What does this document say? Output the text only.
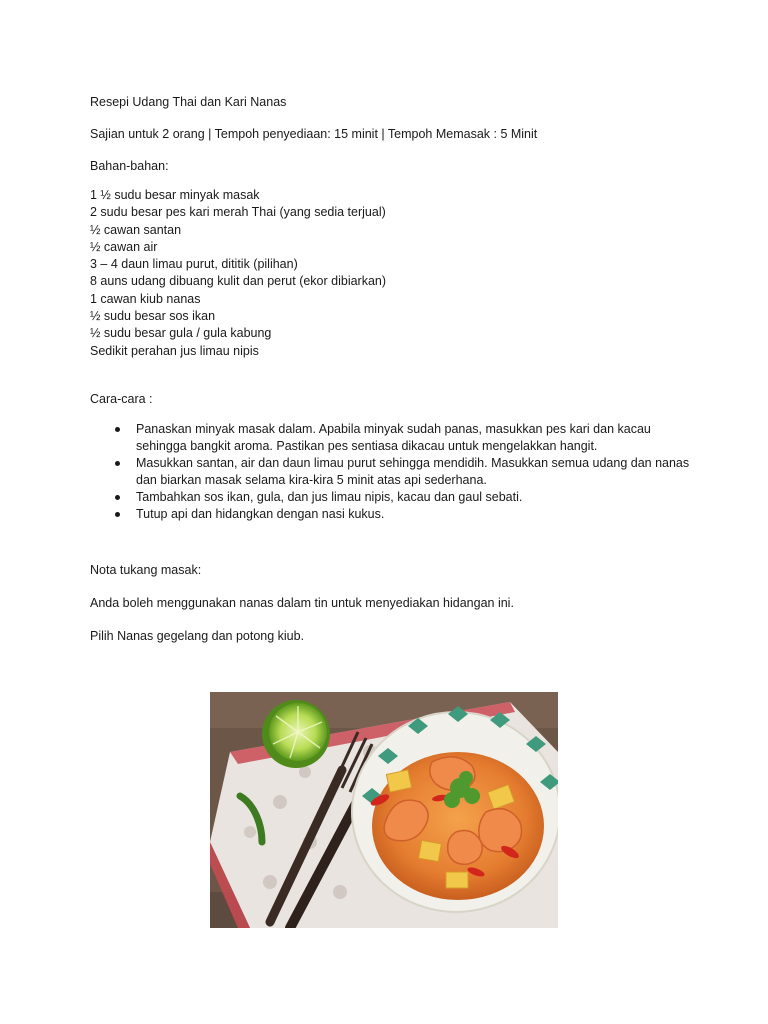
Resepi Udang Thai dan Kari Nanas
Sajian untuk 2 orang | Tempoh penyediaan: 15 minit | Tempoh Memasak : 5 Minit
Bahan-bahan:
1 ½ sudu besar minyak masak
2 sudu besar pes kari merah Thai (yang sedia terjual)
½ cawan santan
½ cawan air
3 – 4 daun limau purut, dititik (pilihan)
8 auns udang dibuang kulit dan perut (ekor dibiarkan)
1 cawan kiub nanas
½ sudu besar sos ikan
½ sudu besar gula / gula kabung
Sedikit perahan jus limau nipis
Cara-cara :
Panaskan minyak masak dalam. Apabila minyak sudah panas, masukkan pes kari dan kacau sehingga bangkit aroma. Pastikan pes sentiasa dikacau untuk mengelakkan hangit.
Masukkan santan, air dan daun limau purut sehingga mendidih. Masukkan semua udang dan nanas dan biarkan masak selama kira-kira 5 minit atas api sederhana.
Tambahkan sos ikan, gula, dan jus limau nipis, kacau dan gaul sebati.
Tutup api dan hidangkan dengan nasi kukus.
Nota tukang masak:
Anda boleh menggunakan nanas dalam tin untuk menyediakan hidangan ini.
Pilih Nanas gegelang dan potong kiub.
